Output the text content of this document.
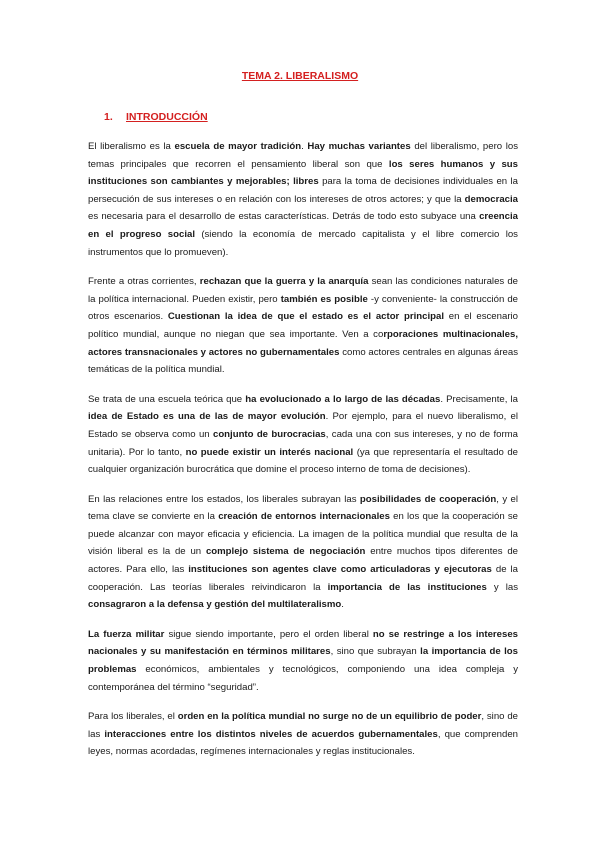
TEMA 2. LIBERALISMO
1. INTRODUCCIÓN

El liberalismo es la escuela de mayor tradición. Hay muchas variantes del liberalismo, pero los temas principales que recorren el pensamiento liberal son que los seres humanos y sus instituciones son cambiantes y mejorables; libres para la toma de decisiones individuales en la persecución de sus intereses o en relación con los intereses de otros actores; y que la democracia es necesaria para el desarrollo de estas características. Detrás de todo esto subyace una creencia en el progreso social (siendo la economía de mercado capitalista y el libre comercio los instrumentos que lo promueven).

Frente a otras corrientes, rechazan que la guerra y la anarquía sean las condiciones naturales de la política internacional. Pueden existir, pero también es posible -y conveniente- la construcción de otros escenarios. Cuestionan la idea de que el estado es el actor principal en el escenario político mundial, aunque no niegan que sea importante. Ven a corporaciones multinacionales, actores transnacionales y actores no gubernamentales como actores centrales en algunas áreas temáticas de la política mundial.

Se trata de una escuela teórica que ha evolucionado a lo largo de las décadas. Precisamente, la idea de Estado es una de las de mayor evolución. Por ejemplo, para el nuevo liberalismo, el Estado se observa como un conjunto de burocracias, cada una con sus intereses, y no de forma unitaria). Por lo tanto, no puede existir un interés nacional (ya que representaría el resultado de cualquier organización burocrática que domine el proceso interno de toma de decisiones).

En las relaciones entre los estados, los liberales subrayan las posibilidades de cooperación, y el tema clave se convierte en la creación de entornos internacionales en los que la cooperación se puede alcanzar con mayor eficacia y eficiencia. La imagen de la política mundial que resulta de la visión liberal es la de un complejo sistema de negociación entre muchos tipos diferentes de actores. Para ello, las instituciones son agentes clave como articuladoras y ejecutoras de la cooperación. Las teorías liberales reivindicaron la importancia de las instituciones y las consagraron a la defensa y gestión del multilateralismo.

La fuerza militar sigue siendo importante, pero el orden liberal no se restringe a los intereses nacionales y su manifestación en términos militares, sino que subrayan la importancia de los problemas económicos, ambientales y tecnológicos, componiendo una idea compleja y contemporánea del término “seguridad”.

Para los liberales, el orden en la política mundial no surge no de un equilibrio de poder, sino de las interacciones entre los distintos niveles de acuerdos gubernamentales, que comprenden leyes, normas acordadas, regímenes internacionales y reglas institucionales.
